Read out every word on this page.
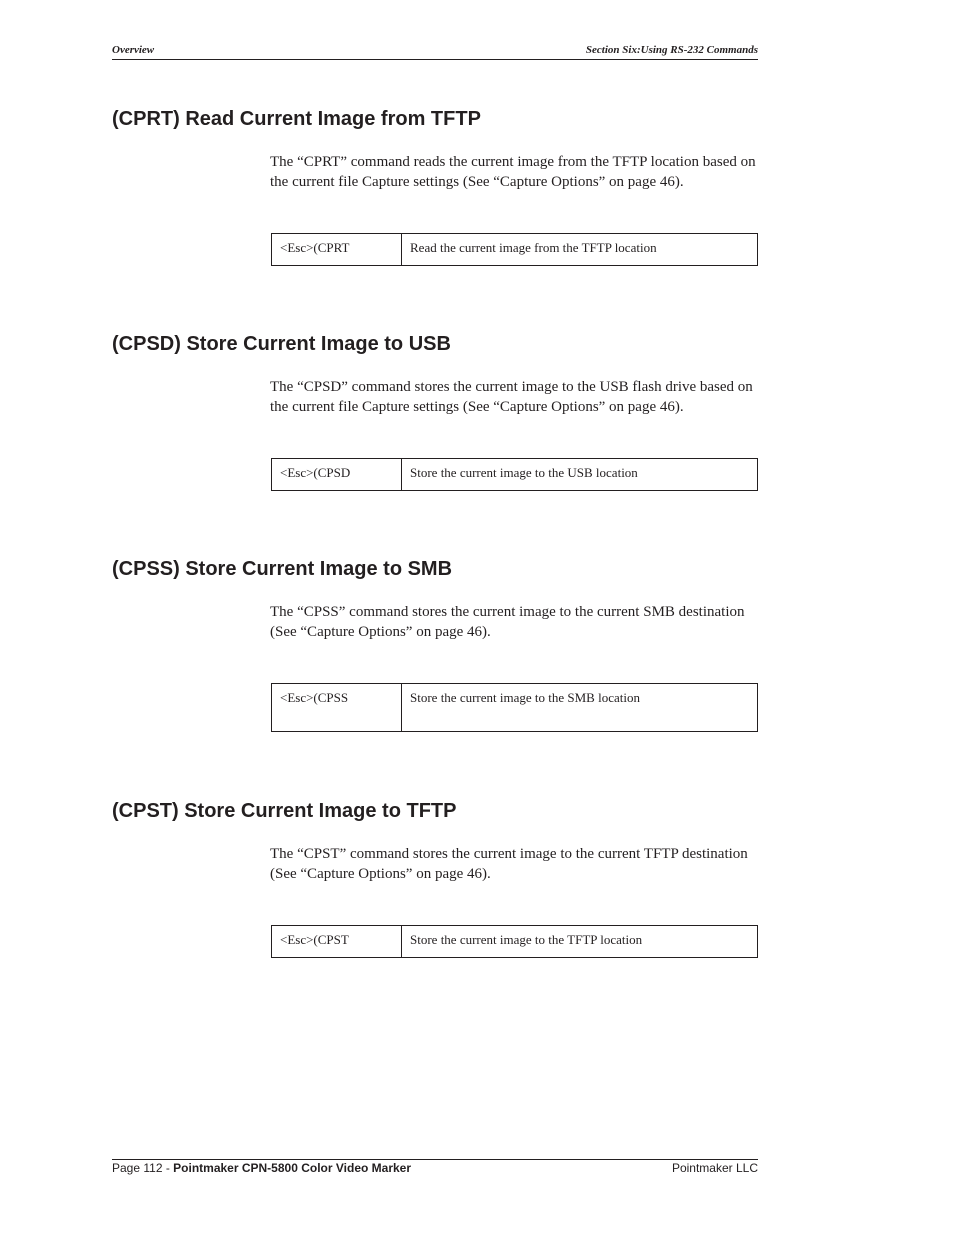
Overview	Section Six:Using RS-232 Commands
(CPRT) Read Current Image from TFTP

The “CPRT” command reads the current image from the TFTP location based on the current file Capture settings (See “Capture Options” on page 46).

<Esc>(CPRT	Read the current image from the TFTP location
(CPSD) Store Current Image to USB

The “CPSD” command stores the current image to the USB flash drive based on the current file Capture settings (See “Capture Options” on page 46).

<Esc>(CPSD	Store the current image to the USB location
(CPSS) Store Current Image to SMB

The “CPSS” command stores the current image to the current SMB destination (See “Capture Options” on page 46).

<Esc>(CPSS	Store the current image to the SMB location
(CPST) Store Current Image to TFTP

The “CPST” command stores the current image to the current TFTP destination (See “Capture Options” on page 46).

<Esc>(CPST	Store the current image to the TFTP location
Page 112 - Pointmaker CPN-5800 Color Video Marker	Pointmaker LLC
